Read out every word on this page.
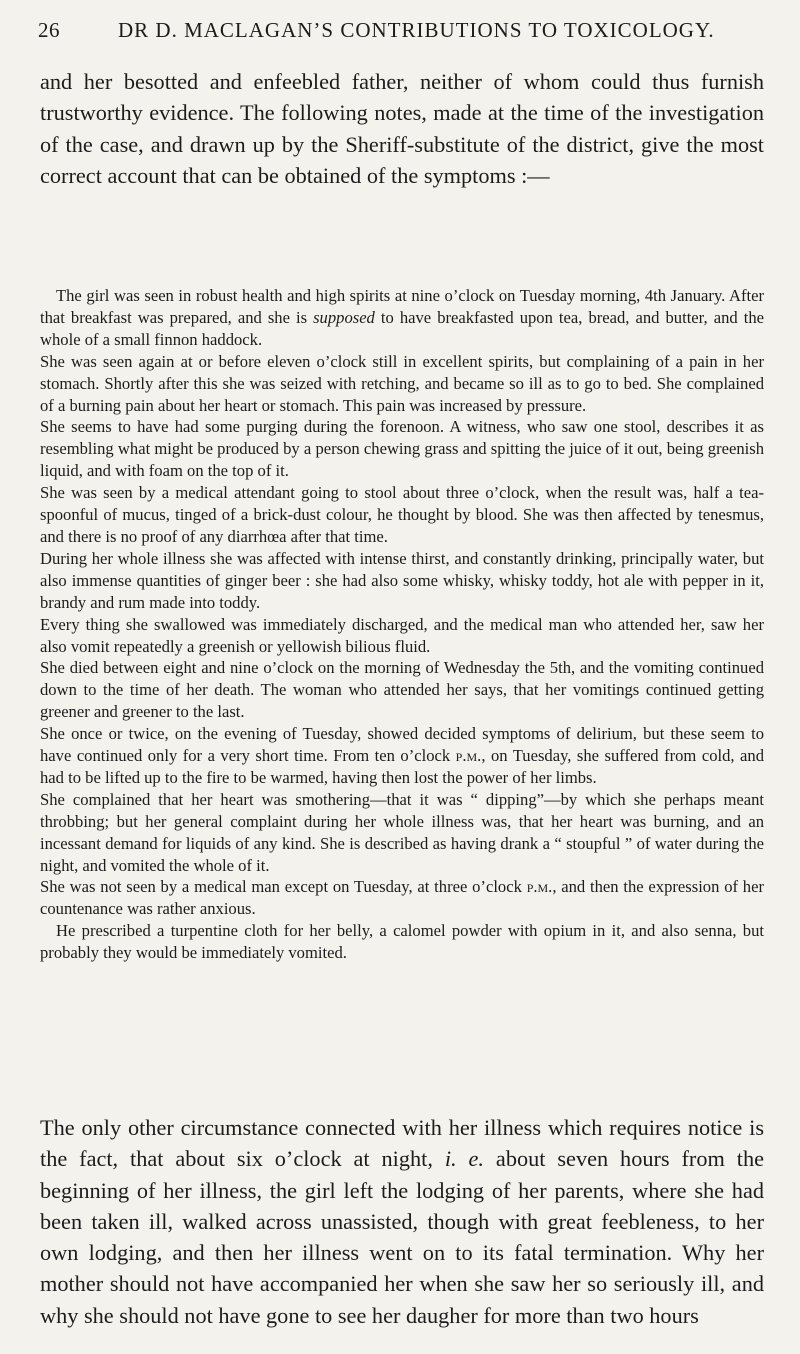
26	DR D. MACLAGAN’S CONTRIBUTIONS TO TOXICOLOGY.

and her besotted and enfeebled father, neither of whom could thus furnish trustworthy evidence. The following notes, made at the time of the investigation of the case, and drawn up by the Sheriff-substitute of the district, give the most correct account that can be obtained of the symptoms :—

The girl was seen in robust health and high spirits at nine o’clock on Tuesday morning, 4th January. After that breakfast was prepared, and she is supposed to have breakfasted upon tea, bread, and butter, and the whole of a small finnon haddock.

She was seen again at or before eleven o’clock still in excellent spirits, but complaining of a pain in her stomach. Shortly after this she was seized with retching, and became so ill as to go to bed. She complained of a burning pain about her heart or stomach. This pain was increased by pressure.

She seems to have had some purging during the forenoon. A witness, who saw one stool, describes it as resembling what might be produced by a person chewing grass and spitting the juice of it out, being greenish liquid, and with foam on the top of it.

She was seen by a medical attendant going to stool about three o’clock, when the result was, half a tea-spoonful of mucus, tinged of a brick-dust colour, he thought by blood. She was then affected by tenesmus, and there is no proof of any diarrhœa after that time.

During her whole illness she was affected with intense thirst, and constantly drinking, principally water, but also immense quantities of ginger beer : she had also some whisky, whisky toddy, hot ale with pepper in it, brandy and rum made into toddy.

Every thing she swallowed was immediately discharged, and the medical man who attended her, saw her also vomit repeatedly a greenish or yellowish bilious fluid.

She died between eight and nine o’clock on the morning of Wednesday the 5th, and the vomiting continued down to the time of her death. The woman who attended her says, that her vomitings continued getting greener and greener to the last.

She once or twice, on the evening of Tuesday, showed decided symptoms of delirium, but these seem to have continued only for a very short time. From ten o’clock p.m., on Tuesday, she suffered from cold, and had to be lifted up to the fire to be warmed, having then lost the power of her limbs.

She complained that her heart was smothering—that it was “ dipping”—by which she perhaps meant throbbing; but her general complaint during her whole illness was, that her heart was burning, and an incessant demand for liquids of any kind. She is described as having drank a “ stoupful ” of water during the night, and vomited the whole of it.

She was not seen by a medical man except on Tuesday, at three o’clock p.m., and then the expression of her countenance was rather anxious.

He prescribed a turpentine cloth for her belly, a calomel powder with opium in it, and also senna, but probably they would be immediately vomited.

The only other circumstance connected with her illness which requires notice is the fact, that about six o’clock at night, i. e. about seven hours from the beginning of her illness, the girl left the lodging of her parents, where she had been taken ill, walked across unassisted, though with great feebleness, to her own lodging, and then her illness went on to its fatal termination. Why her mother should not have accompanied her when she saw her so seriously ill, and why she should not have gone to see her daugher for more than two hours
